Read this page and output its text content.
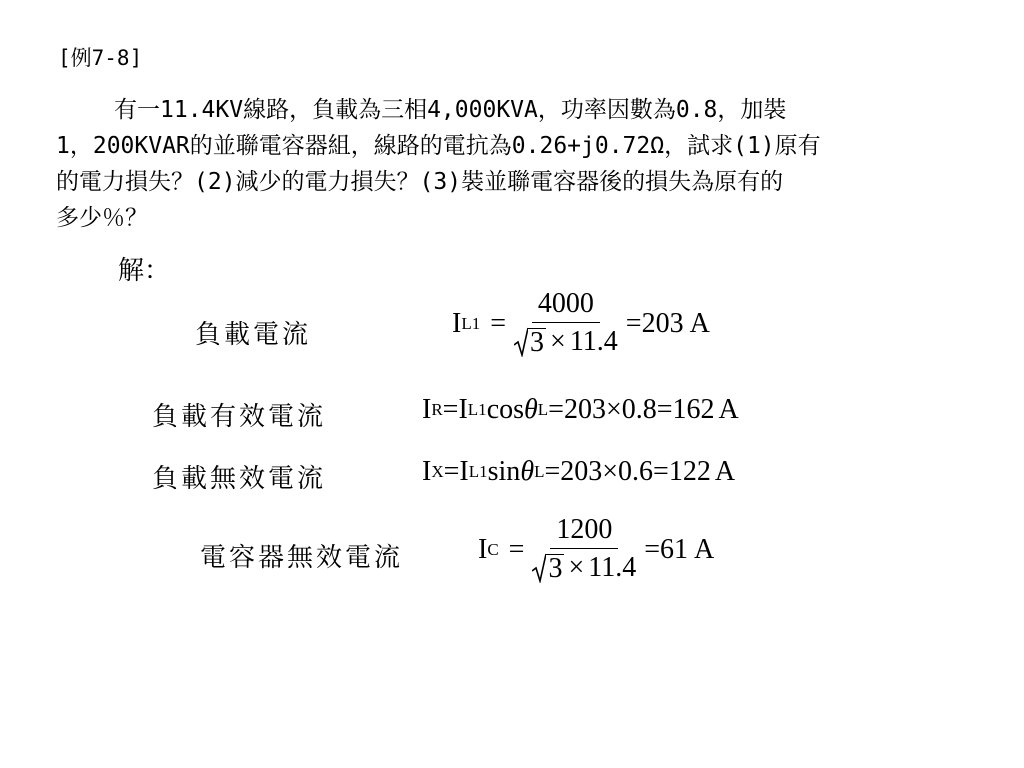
[例7-8]
有一11.4KV線路，負載為三相4,000KVA，功率因數為0.8，加裝
1，200KVAR的並聯電容器組，線路的電抗為0.26+j0.72Ω，試求(1)原有
的電力損失？(2)減少的電力損失？(3)裝並聯電容器後的損失為原有的
多少％？
解：
負載電流	I $L1 = \frac{4000}{3 \times 11.4} = 203$ A
負載有效電流	I R = I L1 cos θ L =203×0.8=162 A
負載無效電流	I X = I L1 sin θ L =203×0.6=122 A
電容器無效電流	I $C = \frac{1200}{3 \times 11.4} = 61$ A
